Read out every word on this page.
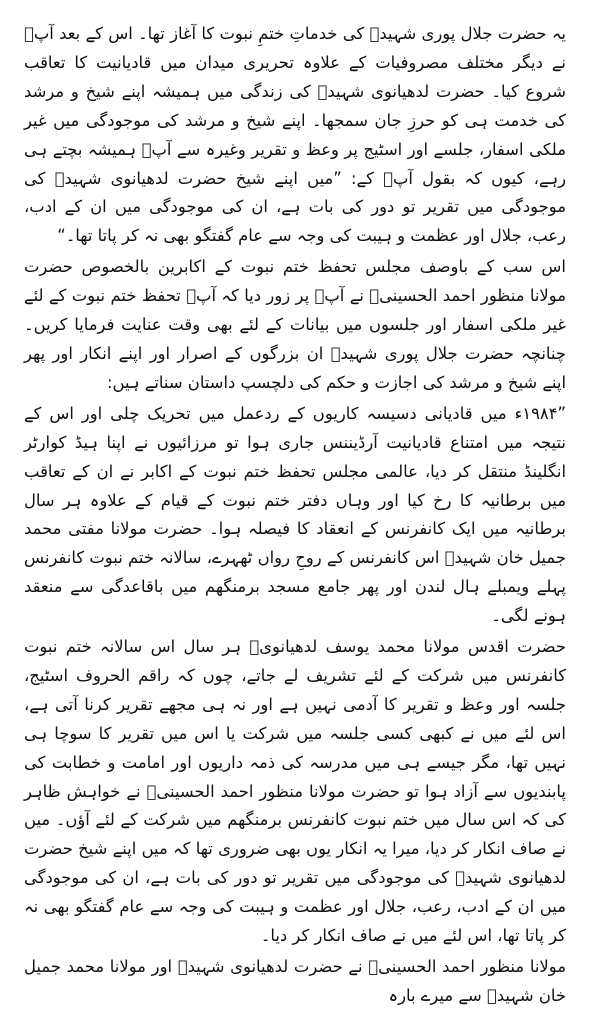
یہ حضرت جلال پوری شہیدؒ کی خدماتِ ختمِ نبوت کا آغاز تھا۔ اس کے بعد آپؒ نے دیگر مختلف مصروفیات کے علاوہ تحریری میدان میں قادیانیت کا تعاقب شروع کیا۔ حضرت لدھیانوی شہیدؒ کی زندگی میں ہمیشہ اپنے شیخ و مرشد کی خدمت ہی کو حرزِ جان سمجھا۔ اپنے شیخ و مرشد کی موجودگی میں غیر ملکی اسفار، جلسے اور اسٹیج پر وعظ و تقریر وغیرہ سے آپؒ ہمیشہ بچتے ہی رہے، کیوں کہ بقول آپؒ کے: ”میں اپنے شیخ حضرت لدھیانوی شہیدؒ کی موجودگی میں تقریر تو دور کی بات ہے، ان کی موجودگی میں ان کے ادب، رعب، جلال اور عظمت و ہیبت کی وجہ سے عام گفتگو بھی نہ کر پاتا تھا۔“

اس سب کے باوصف مجلس تحفظ ختم نبوت کے اکابرین بالخصوص حضرت مولانا منظور احمد الحسینیؒ نے آپؒ پر زور دیا کہ آپؒ تحفظ ختم نبوت کے لئے غیر ملکی اسفار اور جلسوں میں بیانات کے لئے بھی وقت عنایت فرمایا کریں۔ چنانچہ حضرت جلال پوری شہیدؒ ان بزرگوں کے اصرار اور اپنے انکار اور پھر اپنے شیخ و مرشد کی اجازت و حکم کی دلچسپ داستان سناتے ہیں:

”۱۹۸۴ء میں قادیانی دسیسہ کاریوں کے ردعمل میں تحریک چلی اور اس کے نتیجہ میں امتناع قادیانیت آرڈیننس جاری ہوا تو مرزائیوں نے اپنا ہیڈ کوارٹر انگلینڈ منتقل کر دیا، عالمی مجلس تحفظ ختم نبوت کے اکابر نے ان کے تعاقب میں برطانیہ کا رخ کیا اور وہاں دفتر ختم نبوت کے قیام کے علاوہ ہر سال برطانیہ میں ایک کانفرنس کے انعقاد کا فیصلہ ہوا۔ حضرت مولانا مفتی محمد جمیل خان شہیدؒ اس کانفرنس کے روحِ رواں ٹھہرے، سالانہ ختم نبوت کانفرنس پہلے ویمبلے ہال لندن اور پھر جامع مسجد برمنگھم میں باقاعدگی سے منعقد ہونے لگی۔

حضرت اقدس مولانا محمد یوسف لدھیانویؒ ہر سال اس سالانہ ختم نبوت کانفرنس میں شرکت کے لئے تشریف لے جاتے، چوں کہ راقم الحروف اسٹیج، جلسہ اور وعظ و تقریر کا آدمی نہیں ہے اور نہ ہی مجھے تقریر کرنا آتی ہے، اس لئے میں نے کبھی کسی جلسہ میں شرکت یا اس میں تقریر کا سوچا ہی نہیں تھا، مگر جیسے ہی میں مدرسہ کی ذمہ داریوں اور امامت و خطابت کی پابندیوں سے آزاد ہوا تو حضرت مولانا منظور احمد الحسینیؒ نے خواہش ظاہر کی کہ اس سال میں ختم نبوت کانفرنس برمنگھم میں شرکت کے لئے آؤں۔ میں نے صاف انکار کر دیا، میرا یہ انکار یوں بھی ضروری تھا کہ میں اپنے شیخ حضرت لدھیانوی شہیدؒ کی موجودگی میں تقریر تو دور کی بات ہے، ان کی موجودگی میں ان کے ادب، رعب، جلال اور عظمت و ہیبت کی وجہ سے عام گفتگو بھی نہ کر پاتا تھا، اس لئے میں نے صاف انکار کر دیا۔

مولانا منظور احمد الحسینیؒ نے حضرت لدھیانوی شہیدؒ اور مولانا محمد جمیل خان شہیدؒ سے میرے بارہ
